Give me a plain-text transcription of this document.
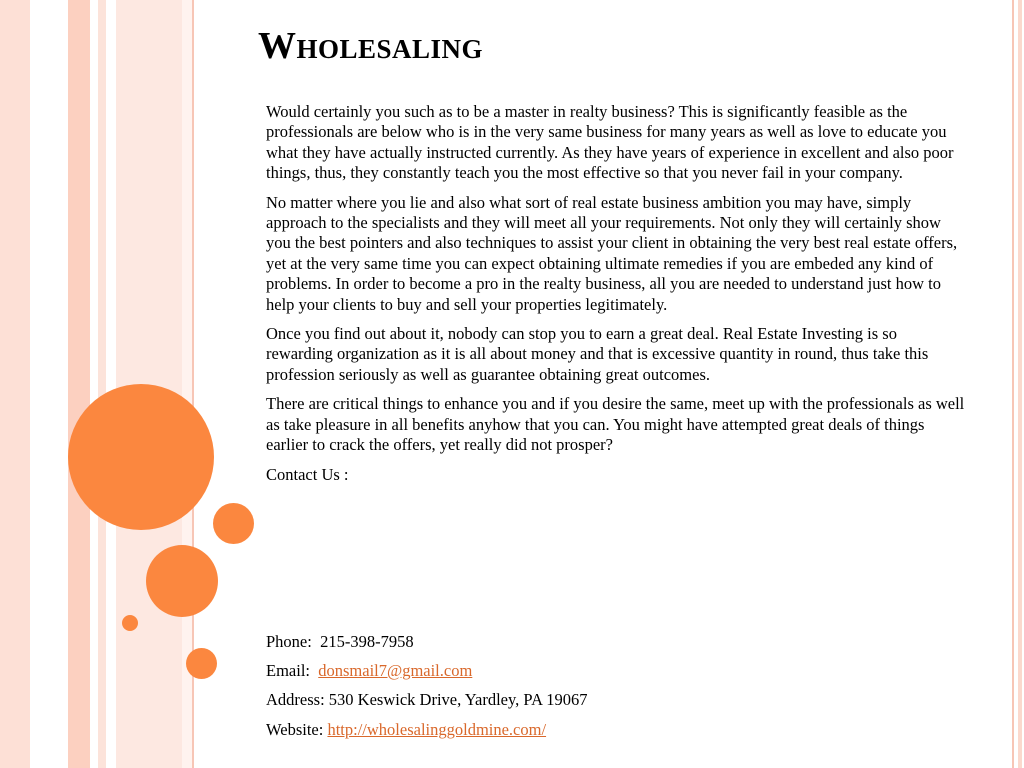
Wholesaling

Would certainly you such as to be a master in realty business? This is significantly feasible as the professionals are below who is in the very same business for many years as well as love to educate you what they have actually instructed currently. As they have years of experience in excellent and also poor things, thus, they constantly teach you the most effective so that you never fail in your company.

No matter where you lie and also what sort of real estate business ambition you may have, simply approach to the specialists and they will meet all your requirements. Not only they will certainly show you the best pointers and also techniques to assist your client in obtaining the very best real estate offers, yet at the very same time you can expect obtaining ultimate remedies if you are embeded any kind of problems. In order to become a pro in the realty business, all you are needed to understand just how to help your clients to buy and sell your properties legitimately.

Once you find out about it, nobody can stop you to earn a great deal. Real Estate Investing is so rewarding organization as it is all about money and that is excessive quantity in round, thus take this profession seriously as well as guarantee obtaining great outcomes.

There are critical things to enhance you and if you desire the same, meet up with the professionals as well as take pleasure in all benefits anyhow that you can. You might have attempted great deals of things earlier to crack the offers, yet really did not prosper?

Contact Us :

Phone: 215-398-7958
Email: donsmail7@gmail.com
Address: 530 Keswick Drive, Yardley, PA 19067
Website: http://wholesalinggoldmine.com/
